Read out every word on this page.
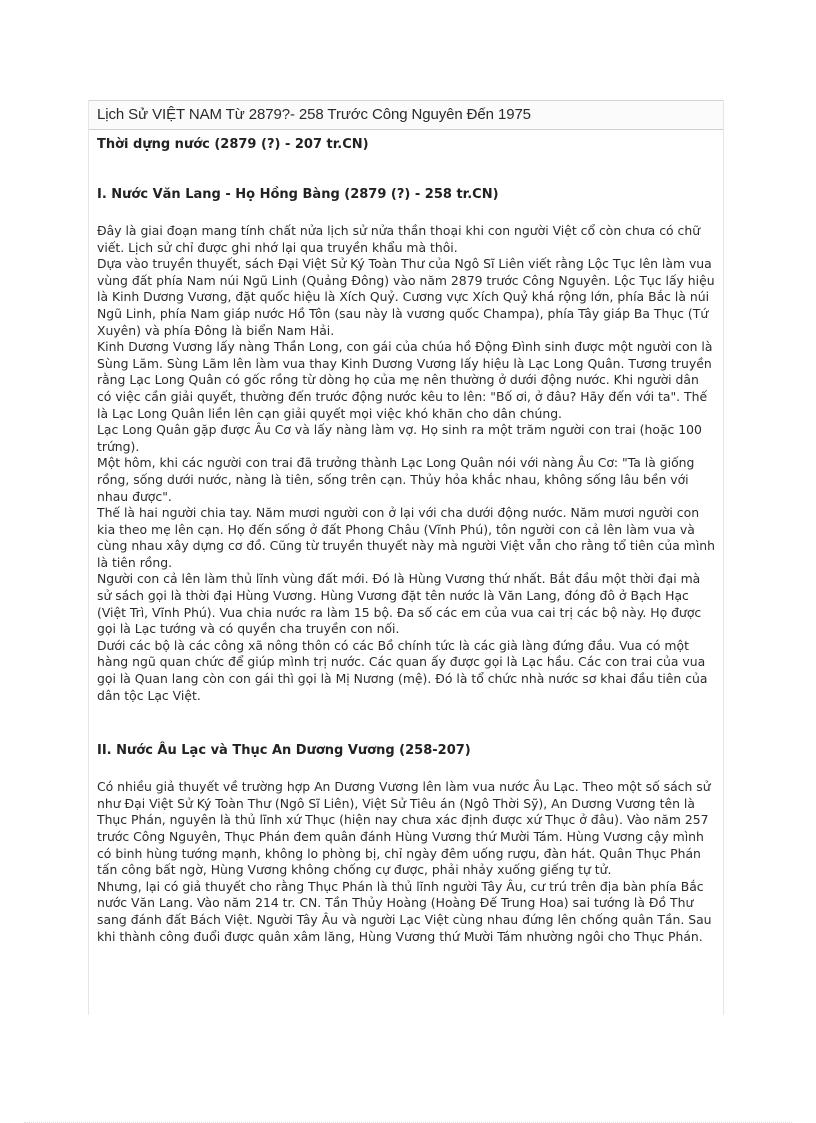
Lịch Sử VIỆT NAM Từ 2879?- 258 Trước Công Nguyên Đến 1975
Thời dựng nước (2879 (?) - 207 tr.CN)
I. Nước Văn Lang - Họ Hồng Bàng (2879 (?) - 258 tr.CN)

Đây là giai đoạn mang tính chất nửa lịch sử nửa thần thoại khi con người Việt cổ còn chưa có chữ viết. Lịch sử chỉ được ghi nhớ lại qua truyền khẩu mà thôi.

Dựa vào truyền thuyết, sách Đại Việt Sử Ký Toàn Thư của Ngô Sĩ Liên viết rằng Lộc Tục lên làm vua vùng đất phía Nam núi Ngũ Linh (Quảng Đông) vào năm 2879 trước Công Nguyên. Lộc Tục lấy hiệu là Kinh Dương Vương, đặt quốc hiệu là Xích Quỷ. Cương vực Xích Quỷ khá rộng lớn, phía Bắc là núi Ngũ Linh, phía Nam giáp nước Hồ Tôn (sau này là vương quốc Champa), phía Tây giáp Ba Thục (Tứ Xuyên) và phía Đông là biển Nam Hải.

Kinh Dương Vương lấy nàng Thần Long, con gái của chúa hồ Động Đình sinh được một người con là Sùng Lãm. Sùng Lãm lên làm vua thay Kinh Dương Vương lấy hiệu là Lạc Long Quân. Tương truyền rằng Lạc Long Quân có gốc rồng từ dòng họ của mẹ nên thường ở dưới động nước. Khi người dân có việc cần giải quyết, thường đến trước động nước kêu to lên: "Bố ơi, ở đâu? Hãy đến với ta". Thế là Lạc Long Quân liền lên cạn giải quyết mọi việc khó khăn cho dân chúng.

Lạc Long Quân gặp được Âu Cơ và lấy nàng làm vợ. Họ sinh ra một trăm người con trai (hoặc 100 trứng).

Một hôm, khi các người con trai đã trưởng thành Lạc Long Quân nói với nàng Âu Cơ: "Ta là giống rồng, sống dưới nước, nàng là tiên, sống trên cạn. Thủy hỏa khắc nhau, không sống lâu bền với nhau được".

Thế là hai người chia tay. Năm mươi người con ở lại với cha dưới động nước. Năm mươi người con kia theo mẹ lên cạn. Họ đến sống ở đất Phong Châu (Vĩnh Phú), tôn người con cả lên làm vua và cùng nhau xây dựng cơ đồ. Cũng từ truyền thuyết này mà người Việt vẫn cho rằng tổ tiên của mình là tiên rồng.

Người con cả lên làm thủ lĩnh vùng đất mới. Đó là Hùng Vương thứ nhất. Bắt đầu một thời đại mà sử sách gọi là thời đại Hùng Vương. Hùng Vương đặt tên nước là Văn Lang, đóng đô ở Bạch Hạc (Việt Trì, Vĩnh Phú). Vua chia nước ra làm 15 bộ. Đa số các em của vua cai trị các bộ này. Họ được gọi là Lạc tướng và có quyền cha truyền con nối.

Dưới các bộ là các công xã nông thôn có các Bồ chính tức là các già làng đứng đầu. Vua có một hàng ngũ quan chức để giúp mình trị nước. Các quan ấy được gọi là Lạc hầu. Các con trai của vua gọi là Quan lang còn con gái thì gọi là Mị Nương (mệ). Đó là tổ chức nhà nước sơ khai đầu tiên của dân tộc Lạc Việt.

II. Nước Âu Lạc và Thục An Dương Vương (258-207)

Có nhiều giả thuyết về trường hợp An Dương Vương lên làm vua nước Âu Lạc. Theo một số sách sử như Đại Việt Sử Ký Toàn Thư (Ngô Sĩ Liên), Việt Sử Tiêu án (Ngô Thời Sỹ), An Dương Vương tên là Thục Phán, nguyên là thủ lĩnh xứ Thục (hiện nay chưa xác định được xứ Thục ở đâu). Vào năm 257 trước Công Nguyên, Thục Phán đem quân đánh Hùng Vương thứ Mười Tám. Hùng Vương cậy mình có binh hùng tướng mạnh, không lo phòng bị, chỉ ngày đêm uống rượu, đàn hát. Quân Thục Phán tấn công bất ngờ, Hùng Vương không chống cự được, phải nhảy xuống giếng tự tử.

Nhưng, lại có giả thuyết cho rằng Thục Phán là thủ lĩnh người Tây Âu, cư trú trên địa bàn phía Bắc nước Văn Lang. Vào năm 214 tr. CN. Tần Thủy Hoàng (Hoàng Đế Trung Hoa) sai tướng là Đồ Thư sang đánh đất Bách Việt. Người Tây Âu và người Lạc Việt cùng nhau đứng lên chống quân Tần. Sau khi thành công đuổi được quân xâm lăng, Hùng Vương thứ Mười Tám nhường ngôi cho Thục Phán.
